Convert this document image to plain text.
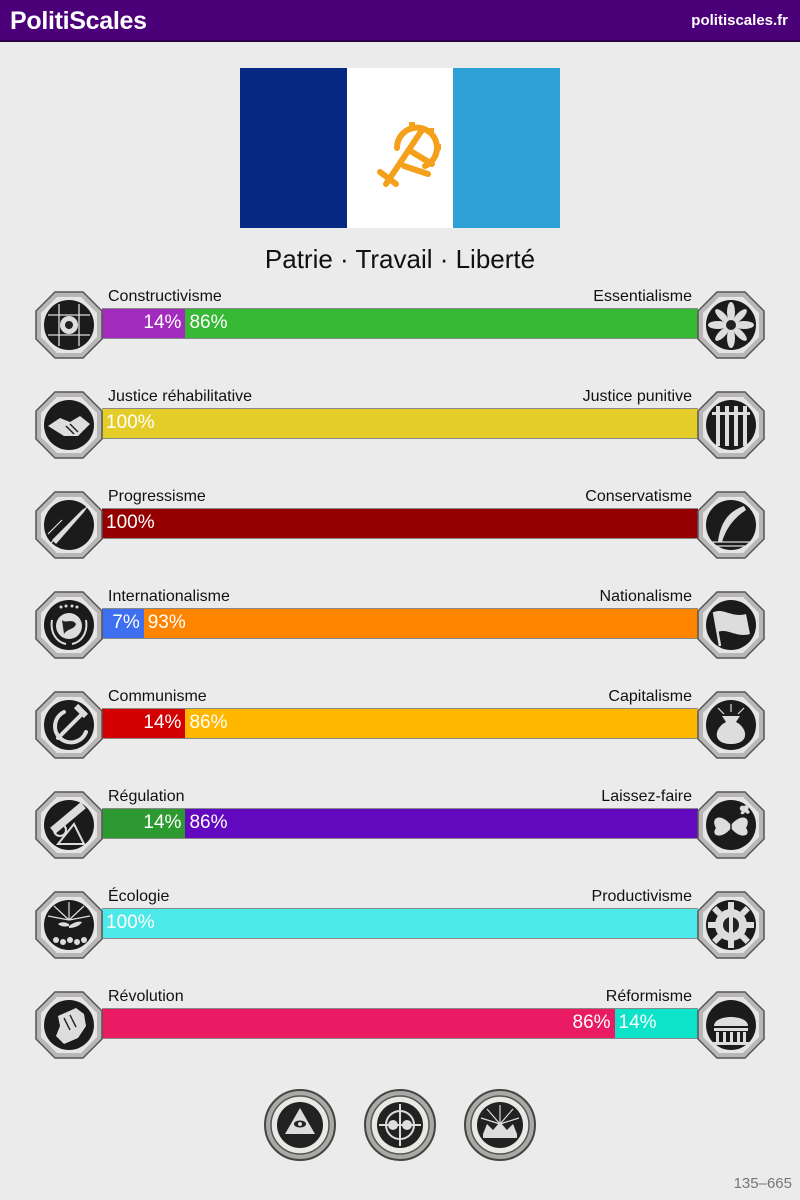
PolitiScales	politiscales.fr
Patrie · Travail · Liberté
Constructivisme	Essentialisme
14% 86%
Justice réhabilitative	Justice punitive
100%
Progressisme	Conservatisme
100%
Internationalisme	Nationalisme
7% 93%
Communisme	Capitalisme
14% 86%
Régulation	Laissez-faire
14% 86%
Écologie	Productivisme
100%
Révolution	Réformisme
86% 14%
135–665
